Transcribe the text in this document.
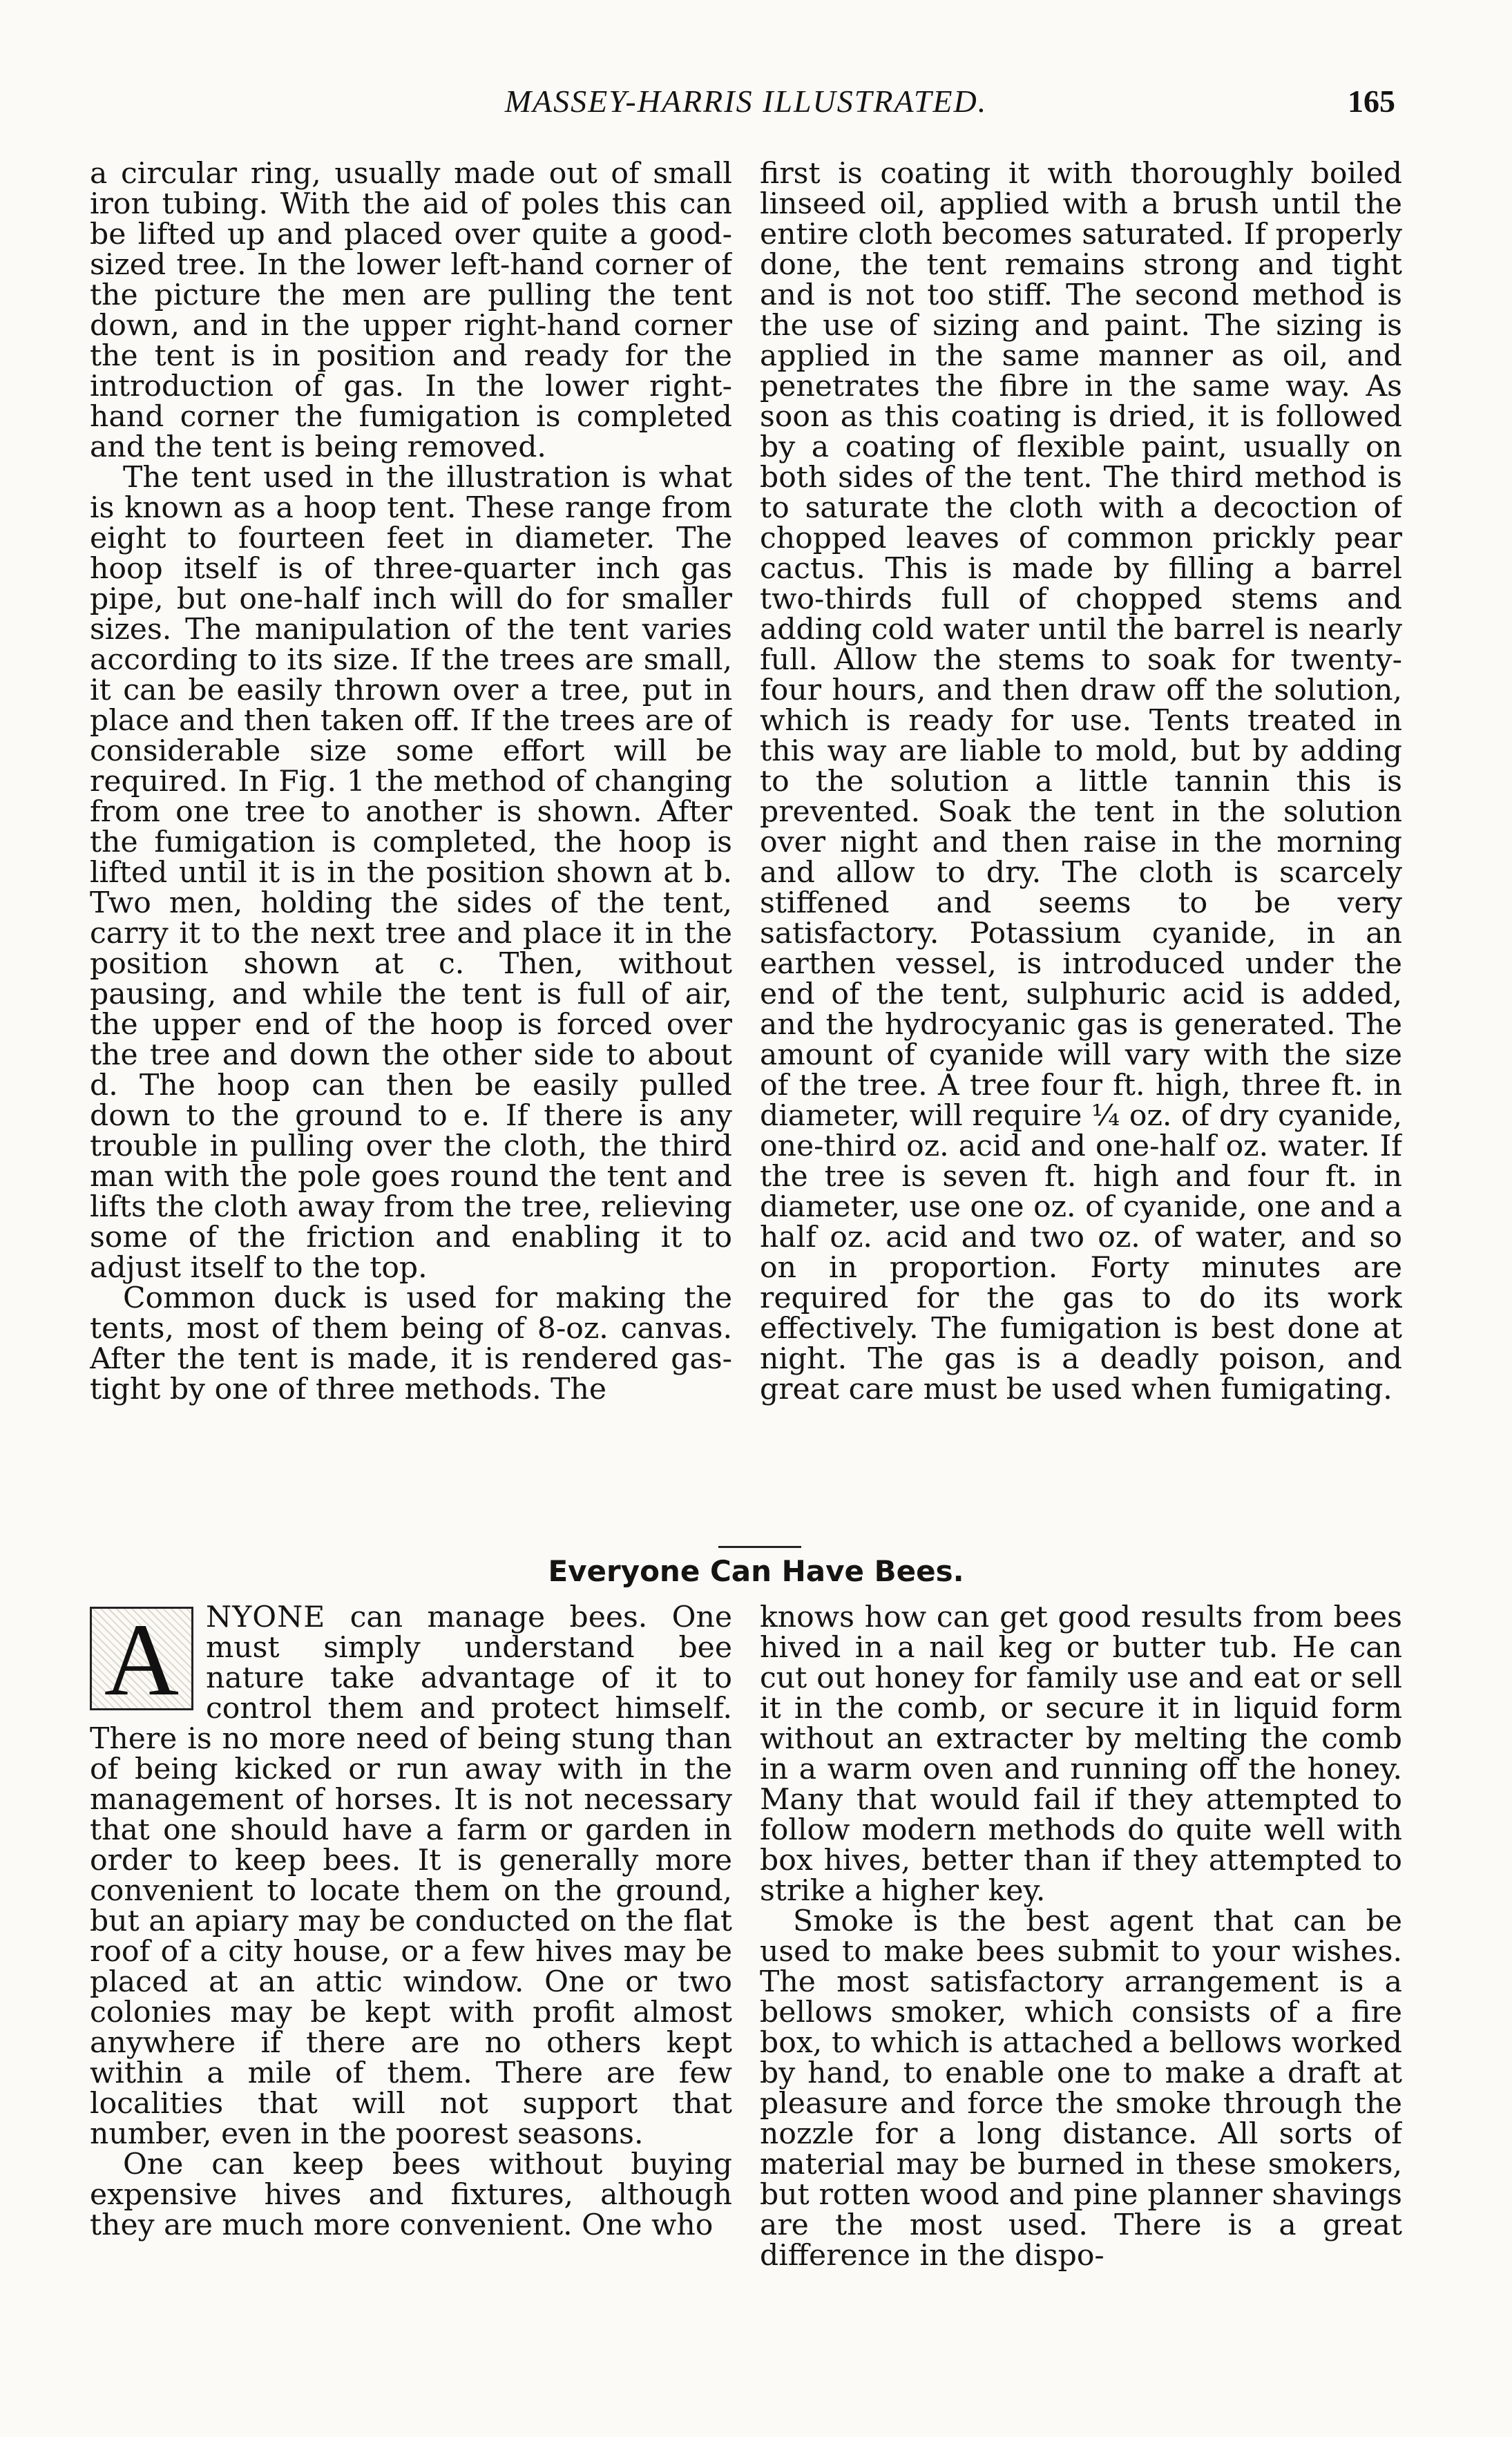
MASSEY-HARRIS ILLUSTRATED.	165

a circular ring, usually made out of small iron tubing. With the aid of poles this can be lifted up and placed over quite a good-sized tree. In the lower left-hand corner of the picture the men are pulling the tent down, and in the upper right-hand corner the tent is in position and ready for the introduction of gas. In the lower right-hand corner the fumigation is completed and the tent is being removed.

The tent used in the illustration is what is known as a hoop tent. These range from eight to fourteen feet in diameter. The hoop itself is of three-quarter inch gas pipe, but one-half inch will do for smaller sizes. The manipulation of the tent varies according to its size. If the trees are small, it can be easily thrown over a tree, put in place and then taken off. If the trees are of considerable size some effort will be required. In Fig. 1 the method of changing from one tree to another is shown. After the fumigation is completed, the hoop is lifted until it is in the position shown at b. Two men, holding the sides of the tent, carry it to the next tree and place it in the position shown at c. Then, without pausing, and while the tent is full of air, the upper end of the hoop is forced over the tree and down the other side to about d. The hoop can then be easily pulled down to the ground to e. If there is any trouble in pulling over the cloth, the third man with the pole goes round the tent and lifts the cloth away from the tree, relieving some of the friction and enabling it to adjust itself to the top.

Common duck is used for making the tents, most of them being of 8-oz. canvas. After the tent is made, it is rendered gas-tight by one of three methods. The

first is coating it with thoroughly boiled linseed oil, applied with a brush until the entire cloth becomes saturated. If properly done, the tent remains strong and tight and is not too stiff. The second method is the use of sizing and paint. The sizing is applied in the same manner as oil, and penetrates the fibre in the same way. As soon as this coating is dried, it is followed by a coating of flexible paint, usually on both sides of the tent. The third method is to saturate the cloth with a decoction of chopped leaves of common prickly pear cactus. This is made by filling a barrel two-thirds full of chopped stems and adding cold water until the barrel is nearly full. Allow the stems to soak for twenty-four hours, and then draw off the solution, which is ready for use. Tents treated in this way are liable to mold, but by adding to the solution a little tannin this is prevented. Soak the tent in the solution over night and then raise in the morning and allow to dry. The cloth is scarcely stiffened and seems to be very satisfactory. Potassium cyanide, in an earthen vessel, is introduced under the end of the tent, sulphuric acid is added, and the hydrocyanic gas is generated. The amount of cyanide will vary with the size of the tree. A tree four ft. high, three ft. in diameter, will require ¼ oz. of dry cyanide, one-third oz. acid and one-half oz. water. If the tree is seven ft. high and four ft. in diameter, use one oz. of cyanide, one and a half oz. acid and two oz. of water, and so on in proportion. Forty minutes are required for the gas to do its work effectively. The fumigation is best done at night. The gas is a deadly poison, and great care must be used when fumigating.

Everyone Can Have Bees.

A NYONE can manage bees. One must simply understand bee nature take advantage of it to control them and protect himself. There is no more need of being stung than of being kicked or run away with in the management of horses. It is not necessary that one should have a farm or garden in order to keep bees. It is generally more convenient to locate them on the ground, but an apiary may be conducted on the flat roof of a city house, or a few hives may be placed at an attic window. One or two colonies may be kept with profit almost anywhere if there are no others kept within a mile of them. There are few localities that will not support that number, even in the poorest seasons.

One can keep bees without buying expensive hives and fixtures, although they are much more convenient. One who

knows how can get good results from bees hived in a nail keg or butter tub. He can cut out honey for family use and eat or sell it in the comb, or secure it in liquid form without an extracter by melting the comb in a warm oven and running off the honey. Many that would fail if they attempted to follow modern methods do quite well with box hives, better than if they attempted to strike a higher key.

Smoke is the best agent that can be used to make bees submit to your wishes. The most satisfactory arrangement is a bellows smoker, which consists of a fire box, to which is attached a bellows worked by hand, to enable one to make a draft at pleasure and force the smoke through the nozzle for a long distance. All sorts of material may be burned in these smokers, but rotten wood and pine planner shavings are the most used. There is a great difference in the dispo-
